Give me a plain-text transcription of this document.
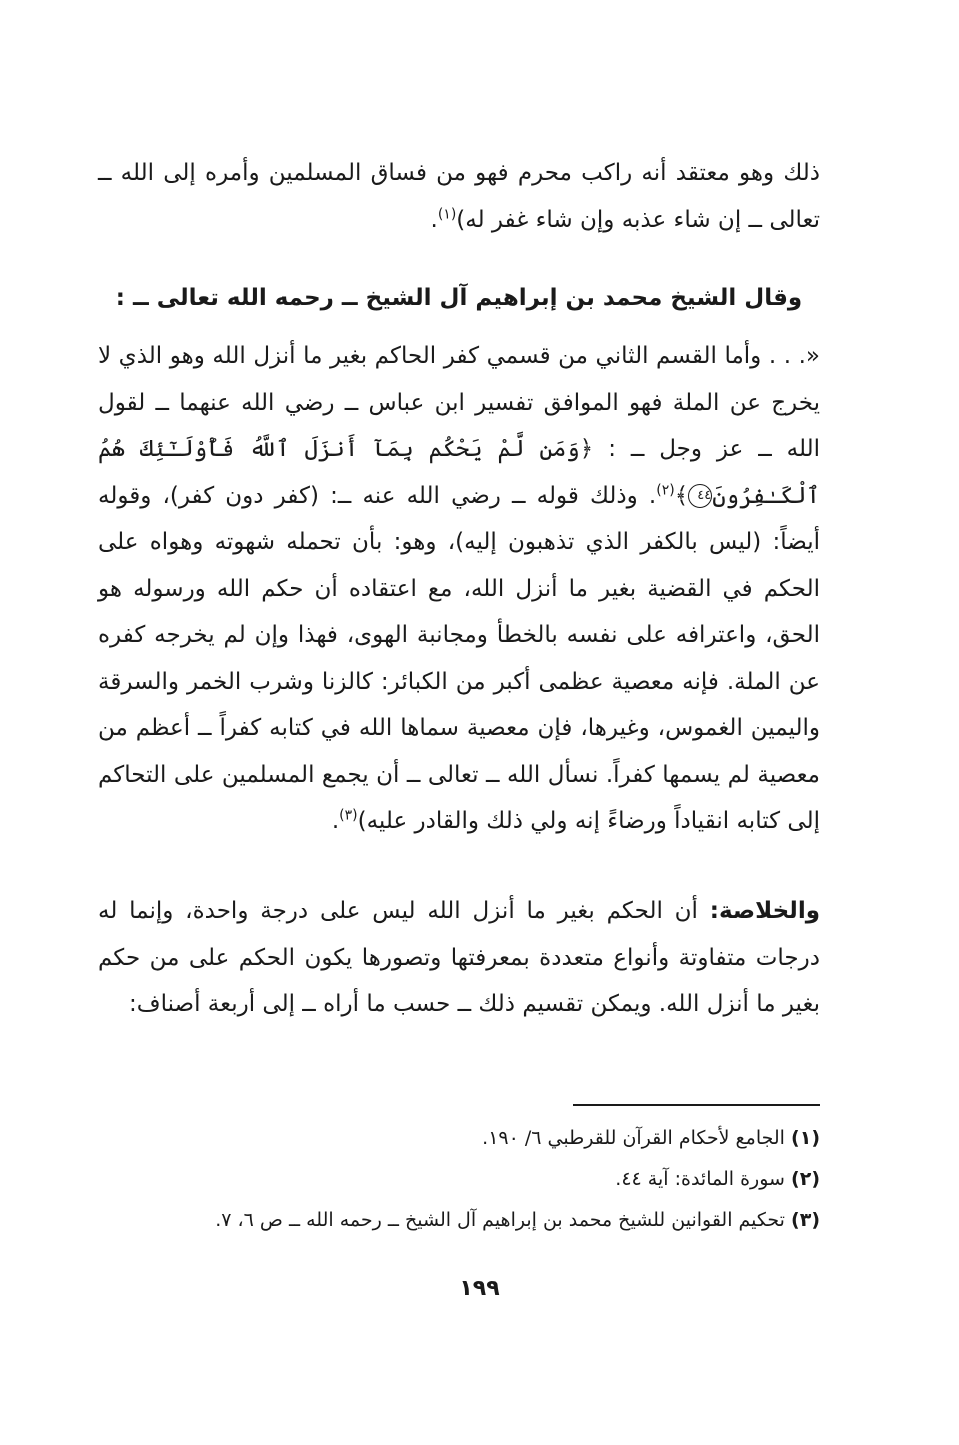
ذلك وهو معتقد أنه راكب محرم فهو من فساق المسلمين وأمره إلى الله ــ تعالى ــ إن شاء عذبه وإن شاء غفر له)$^{(١)}$.
وقال الشيخ محمد بن إبراهيم آل الشيخ ــ رحمه الله تعالى ــ :
«. . . وأما القسم الثاني من قسمي كفر الحاكم بغير ما أنزل الله وهو الذي لا يخرج عن الملة فهو الموافق تفسير ابن عباس ــ رضي الله عنهما ــ لقول الله ــ عز وجل ــ : ﴿وَمَن لَّمْ يَحْكُم بِمَآ أَنزَلَ ٱللَّهُ فَأُوْلَـٰٓئِكَ هُمُ ٱلْكَـٰفِرُونَ٤٤﴾$^{(٢)}$. وذلك قوله ــ رضي الله عنه ــ: (كفر دون كفر)، وقوله أيضاً: (ليس بالكفر الذي تذهبون إليه)، وهو: بأن تحمله شهوته وهواه على الحكم في القضية بغير ما أنزل الله، مع اعتقاده أن حكم الله ورسوله هو الحق، واعترافه على نفسه بالخطأ ومجانبة الهوى، فهذا وإن لم يخرجه كفره عن الملة. فإنه معصية عظمى أكبر من الكبائر: كالزنا وشرب الخمر والسرقة واليمين الغموس، وغيرها، فإن معصية سماها الله في كتابه كفراً ــ أعظم من معصية لم يسمها كفراً. نسأل الله ــ تعالى ــ أن يجمع المسلمين على التحاكم إلى كتابه انقياداً ورضاءً إنه ولي ذلك والقادر عليه)$^{(٣)}$.
والخلاصة: أن الحكم بغير ما أنزل الله ليس على درجة واحدة، وإنما له درجات متفاوتة وأنواع متعددة بمعرفتها وتصورها يكون الحكم على من حكم بغير ما أنزل الله. ويمكن تقسيم ذلك ــ حسب ما أراه ــ إلى أربعة أصناف:
(١) الجامع لأحكام القرآن للقرطبي ٦/ ١٩٠.
(٢) سورة المائدة: آية ٤٤.
(٣) تحكيم القوانين للشيخ محمد بن إبراهيم آل الشيخ ــ رحمه الله ــ ص ٦، ٧.
١٩٩
